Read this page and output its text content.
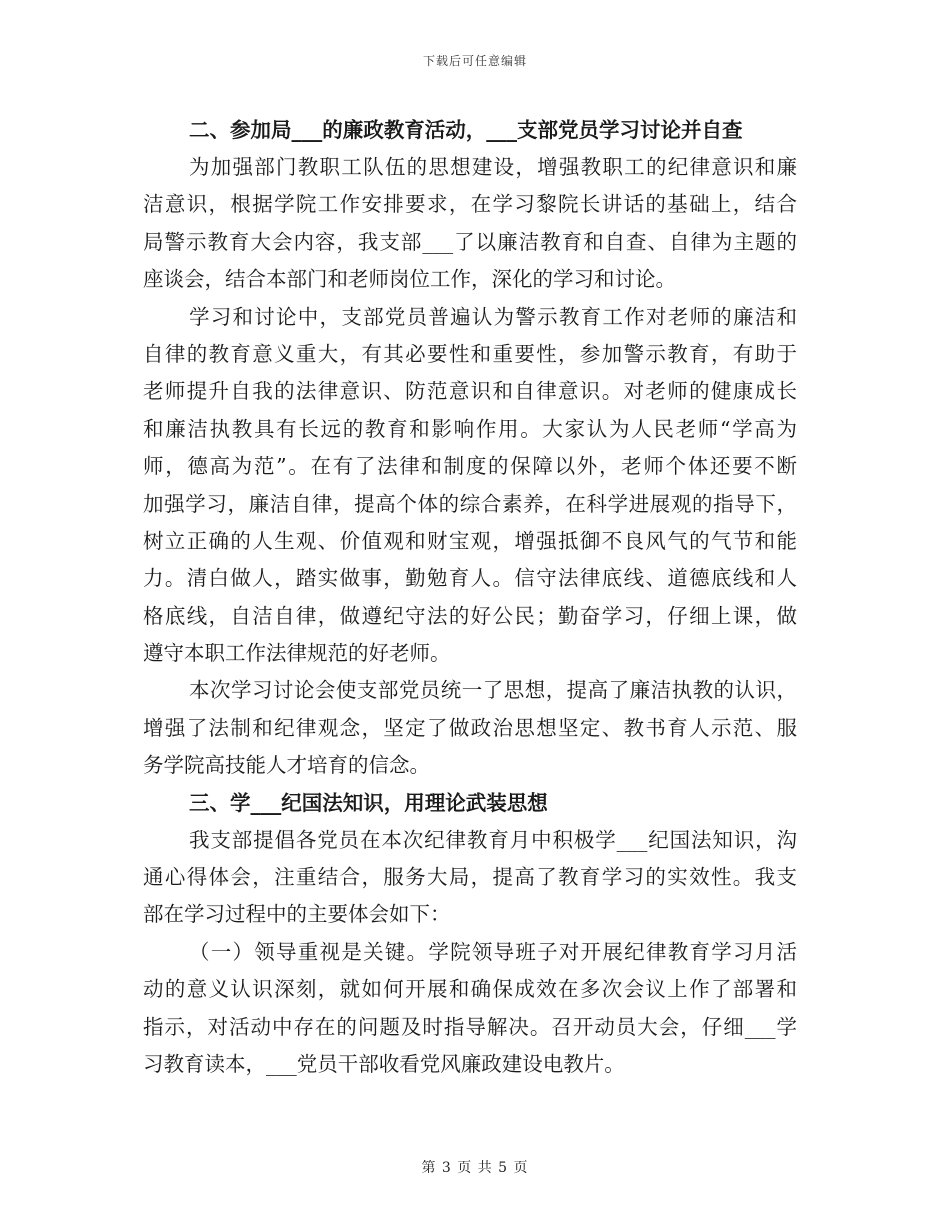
下载后可任意编辑
二、参加局___的廉政教育活动，___支部党员学习讨论并自查

为加强部门教职工队伍的思想建设，增强教职工的纪律意识和廉

洁意识，根据学院工作安排要求，在学习黎院长讲话的基础上，结合

局警示教育大会内容，我支部___了以廉洁教育和自查、自律为主题的

座谈会，结合本部门和老师岗位工作，深化的学习和讨论。

学习和讨论中，支部党员普遍认为警示教育工作对老师的廉洁和

自律的教育意义重大，有其必要性和重要性，参加警示教育，有助于

老师提升自我的法律意识、防范意识和自律意识。对老师的健康成长

和廉洁执教具有长远的教育和影响作用。大家认为人民老师“学高为

师，德高为范”。在有了法律和制度的保障以外，老师个体还要不断

加强学习，廉洁自律，提高个体的综合素养，在科学进展观的指导下，

树立正确的人生观、价值观和财宝观，增强抵御不良风气的气节和能

力。清白做人，踏实做事，勤勉育人。信守法律底线、道德底线和人

格底线，自洁自律，做遵纪守法的好公民；勤奋学习，仔细上课，做

遵守本职工作法律规范的好老师。

本次学习讨论会使支部党员统一了思想，提高了廉洁执教的认识，

增强了法制和纪律观念，坚定了做政治思想坚定、教书育人示范、服

务学院高技能人才培育的信念。

三、学___纪国法知识，用理论武装思想

我支部提倡各党员在本次纪律教育月中积极学___纪国法知识，沟

通心得体会，注重结合，服务大局，提高了教育学习的实效性。我支

部在学习过程中的主要体会如下：

（一）领导重视是关键。学院领导班子对开展纪律教育学习月活

动的意义认识深刻，就如何开展和确保成效在多次会议上作了部署和

指示，对活动中存在的问题及时指导解决。召开动员大会，仔细___学

习教育读本，___党员干部收看党风廉政建设电教片。

第 3 页 共 5 页
